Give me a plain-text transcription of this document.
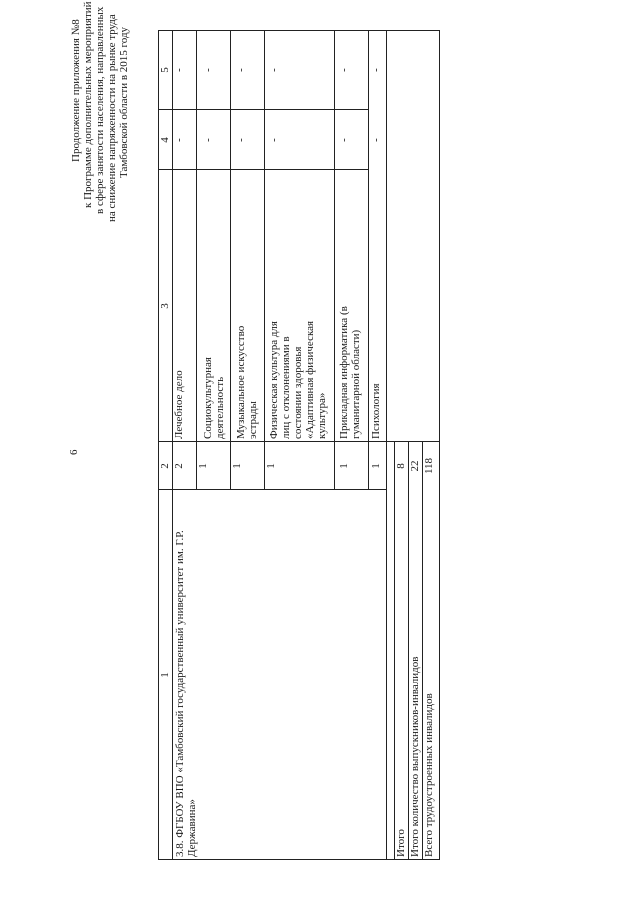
6
Продолжение приложения №8 к Программе дополнительных мероприятий в сфере занятости населения, направленных на снижение напряженности на рынке труда Тамбовской области в 2015 году
1
2
3
4
5
3.8. ФГБОУ ВПО «Тамбовский государственный университет им. Г.Р. Державина»
2
Лечебное дело
-
-
1
Социокультурная деятельность
-
-
1
Музыкальное искусство эстрады
-
-
1
Физическая культура для лиц с отклонениями в состоянии здоровья «Адаптивная физическая культура»
-
-
1
Прикладная информатика (в гуманитарной области)
-
-
1
Психология
-
-
Итого
8
Итого количество выпускников-инвалидов
22
Всего трудоустроенных инвалидов
118
